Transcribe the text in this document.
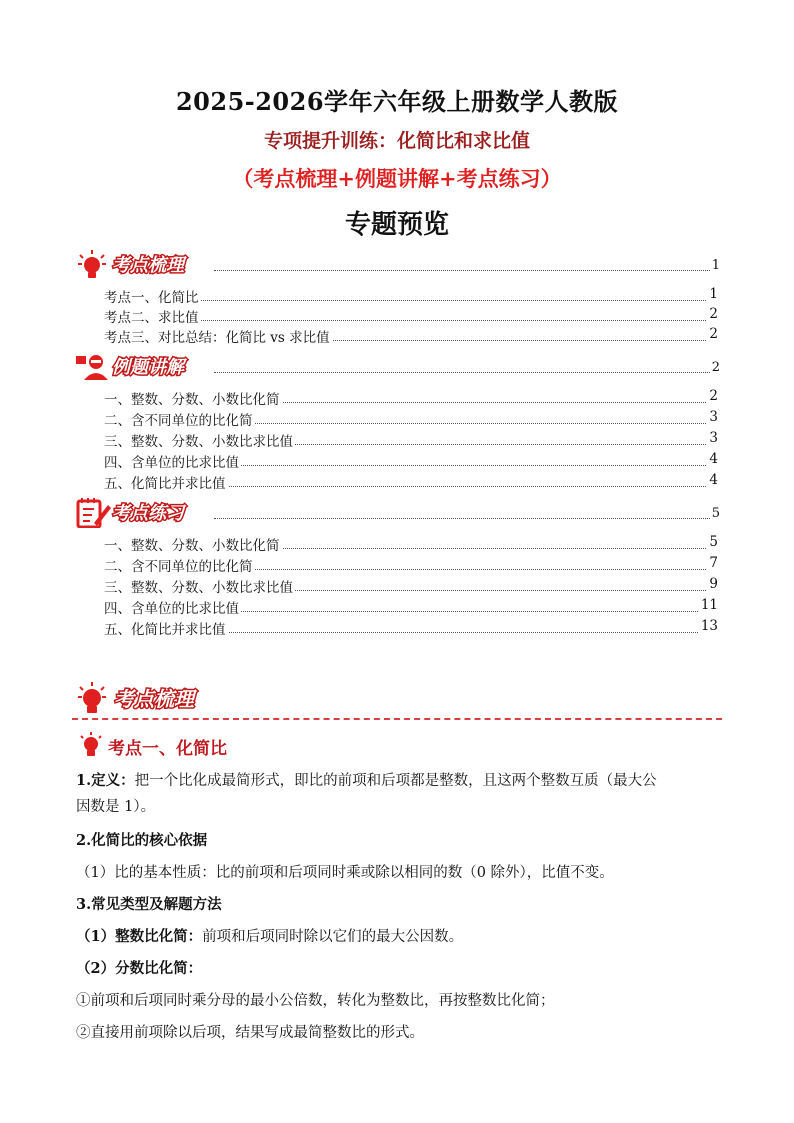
2025-2026学年六年级上册数学人教版
专项提升训练：化简比和求比值
（考点梳理+例题讲解+考点练习）
专题预览
考点梳理	1
考点一、化简比	1
考点二、求比值	2
考点三、对比总结：化简比 vs 求比值	2
例题讲解	2
一、整数、分数、小数比化简	2
二、含不同单位的比化简	3
三、整数、分数、小数比求比值	3
四、含单位的比求比值	4
五、化简比并求比值	4
考点练习	5
一、整数、分数、小数比化简	5
二、含不同单位的比化简	7
三、整数、分数、小数比求比值	9
四、含单位的比求比值	11
五、化简比并求比值	13
考点梳理
考点一、化简比
1.定义：把一个比化成最简形式，即比的前项和后项都是整数，且这两个整数互质（最大公
因数是 1）。
2.化简比的核心依据
（1）比的基本性质：比的前项和后项同时乘或除以相同的数（0 除外），比值不变。
3.常见类型及解题方法
（1）整数比化简：前项和后项同时除以它们的最大公因数。
（2）分数比化简：
①前项和后项同时乘分母的最小公倍数，转化为整数比，再按整数比化简；
②直接用前项除以后项，结果写成最简整数比的形式。
